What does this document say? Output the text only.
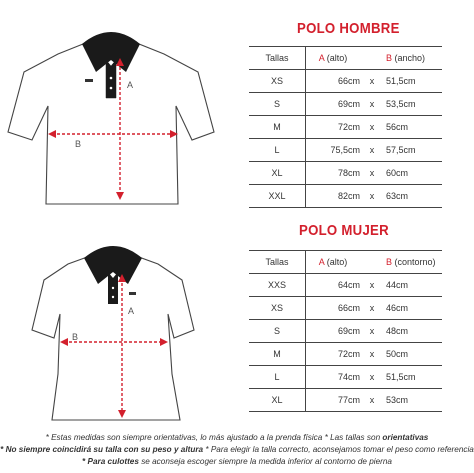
POLO HOMBRE
A
B
Tallas	A (alto)		B (ancho)
XS	66cm	x	51,5cm
S	69cm	x	53,5cm
M	72cm	x	56cm
L	75,5cm	x	57,5cm
XL	78cm	x	60cm
XXL	82cm	x	63cm
POLO MUJER
A
B
Tallas	A (alto)		B (contorno)
XXS	64cm	x	44cm
XS	66cm	x	46cm
S	69cm	x	48cm
M	72cm	x	50cm
L	74cm	x	51,5cm
XL	77cm	x	53cm
* Estas medidas son siempre orientativas, lo más ajustado a la prenda física * Las tallas son orientativas
* No siempre coincidirá su talla con su peso y altura * Para elegir la talla correcto, aconsejamos tomar el peso como referencia
* Para culottes se aconseja escoger siempre la medida inferior al contorno de pierna
